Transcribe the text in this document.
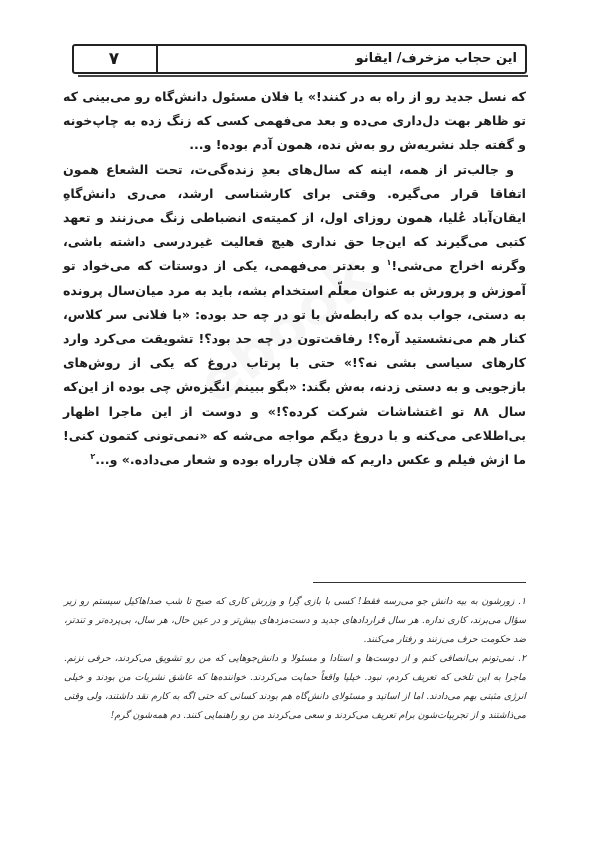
۷	این حجاب مزخرف/ ایقانو

که نسل جدید رو از راه به در کنند!» یا فلان مسئول دانش‌گاه رو می‌بینی که تو ظاهر بهت دل‌داری می‌ده و بعد می‌فهمی کسی که زنگ زده به چاپ‌خونه و گفته جلد نشریه‌ش رو به‌ش نده، همون آدم بوده! و...

و جالب‌تر از همه، اینه که سال‌های بعدِ زنده‌گی‌ت، تحت الشعاع همون اتفاقا قرار می‌گیره. وقتی برای کارشناسی ارشد، می‌ری دانش‌گاهِ ایقان‌آباد عُلیا، همون روزای اول، از کمیته‌ی انضباطی زنگ می‌زنند و تعهد کتبی می‌گیرند که این‌جا حق نداری هیچ فعالیت غیردرسی داشته باشی، وگرنه اخراج می‌شی!$^۱$ و بعدتر می‌فهمی، یکی از دوستات که می‌خواد تو آموزش و پرورش به عنوان معلّم استخدام بشه، باید به مرد میان‌سال پرونده به دستی، جواب بده که رابطه‌ش با تو در چه حد بوده: «با فلانی سر کلاس، کنار هم می‌نشستید آره؟! رفاقت‌تون در چه حد بود؟! تشویقت می‌کرد وارد کارهای سیاسی بشی نه؟!» حتی با پرتاب دروغ که یکی از روش‌های بازجویی و به دستی زدنه، به‌ش بگند: «بگو ببینم انگیزه‌ش چی بوده از این‌که سال ۸۸ تو اغتشاشات شرکت کرده؟!» و دوست از این ماجرا اظهار بی‌اطلاعی می‌کنه و با دروغ دیگم مواجه می‌شه که «نمی‌تونی کتمون کنی! ما ازش فیلم و عکس داریم که فلان چارراه بوده و شعار می‌داده.» و...$^۲$

۱. زورشون به بیه دانش جو می‌رسه فقط! کسی با بازی گِرا و وزرش کاری که صبح تا شب صداهاکیل سیستم رو زیر سؤال می‌برند، کاری نداره. هر سال قراردادهای جدید و دست‌مزدهای بیش‌تر و در عین حال، هر سال، بی‌پرده‌تر و تندتر، ضد حکومت حرف می‌زنند و رفتار می‌کنند.

۲. نمی‌تونم بی‌انصافی کنم و از دوست‌ها و استادا و مسئولا و دانش‌جوهایی که من رو تشویق می‌کردند، حرفی نزنم. ماجرا به این تلخی که تعریف کردم، نبود. خیلیا واقعاً حمایت می‌کردند. خواننده‌ها که عاشق نشریات من بودند و خیلی انرژی مثبتی بهم می‌دادند. اما از اساتید و مسئولای دانش‌گاه هم بودند کسانی که حتی اگه به کارم نقد داشتند، ولی وقتی می‌ذاشتند و از تجربیات‌شون برام تعریف می‌کردند و سعی می‌کردند من رو راهنمایی کنند. دم همه‌شون گرم!
